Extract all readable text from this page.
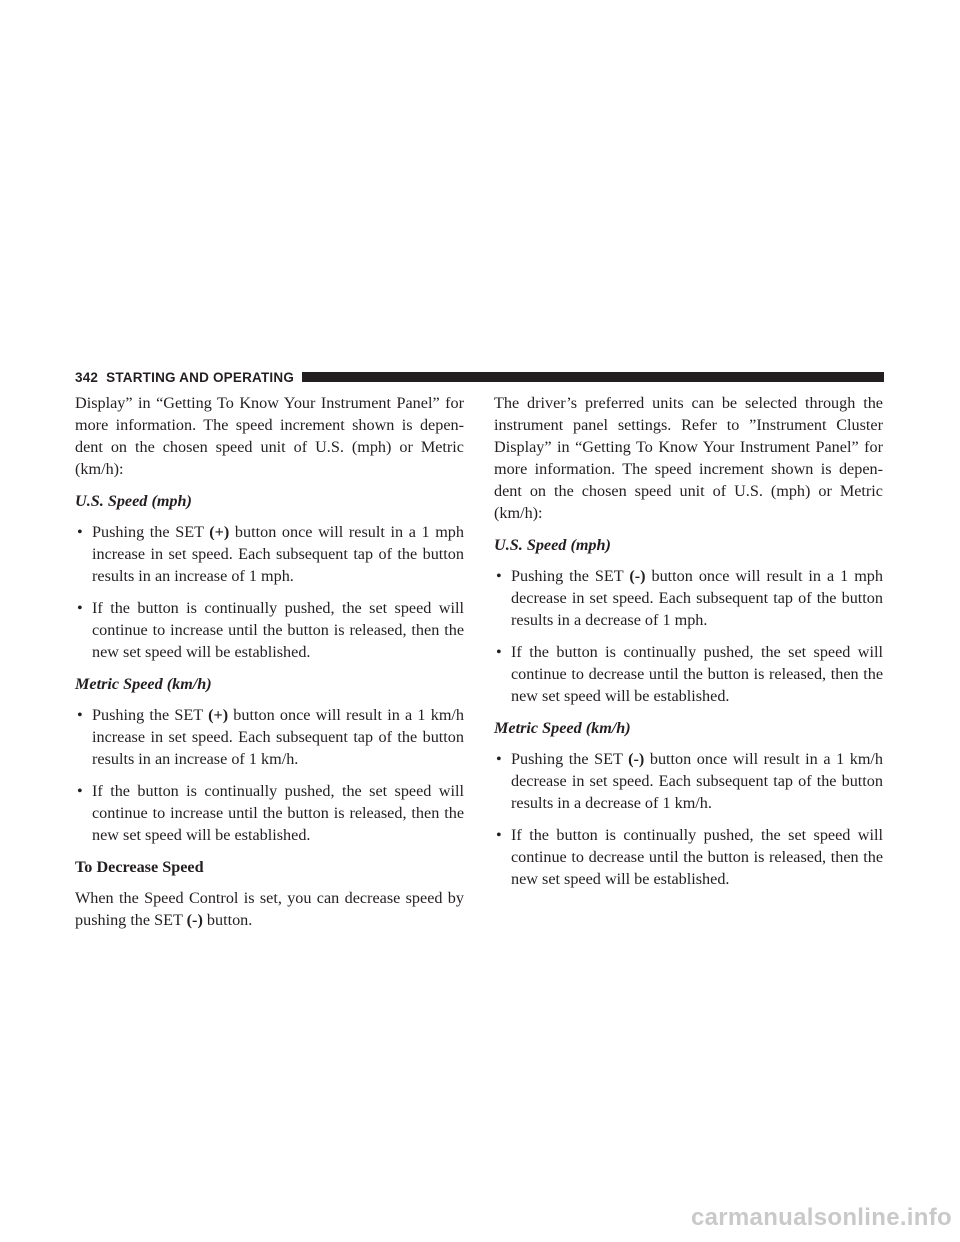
342 STARTING AND OPERATING

Display” in “Getting To Know Your Instrument Panel” for more information. The speed increment shown is depen- dent on the chosen speed unit of U.S. (mph) or Metric (km/h):

U.S. Speed (mph)
• Pushing the SET (+) button once will result in a 1 mph increase in set speed. Each subsequent tap of the button results in an increase of 1 mph.
• If the button is continually pushed, the set speed will continue to increase until the button is released, then the new set speed will be established.
Metric Speed (km/h)
• Pushing the SET (+) button once will result in a 1 km/h increase in set speed. Each subsequent tap of the button results in an increase of 1 km/h.
• If the button is continually pushed, the set speed will continue to increase until the button is released, then the new set speed will be established.
To Decrease Speed

When the Speed Control is set, you can decrease speed by pushing the SET (-) button.

The driver’s preferred units can be selected through the instrument panel settings. Refer to ”Instrument Cluster Display” in “Getting To Know Your Instrument Panel” for more information. The speed increment shown is depen- dent on the chosen speed unit of U.S. (mph) or Metric (km/h):

U.S. Speed (mph)
• Pushing the SET (-) button once will result in a 1 mph decrease in set speed. Each subsequent tap of the button results in a decrease of 1 mph.
• If the button is continually pushed, the set speed will continue to decrease until the button is released, then the new set speed will be established.
Metric Speed (km/h)
• Pushing the SET (-) button once will result in a 1 km/h decrease in set speed. Each subsequent tap of the button results in a decrease of 1 km/h.
• If the button is continually pushed, the set speed will continue to decrease until the button is released, then the new set speed will be established.
carmanualsonline.info
